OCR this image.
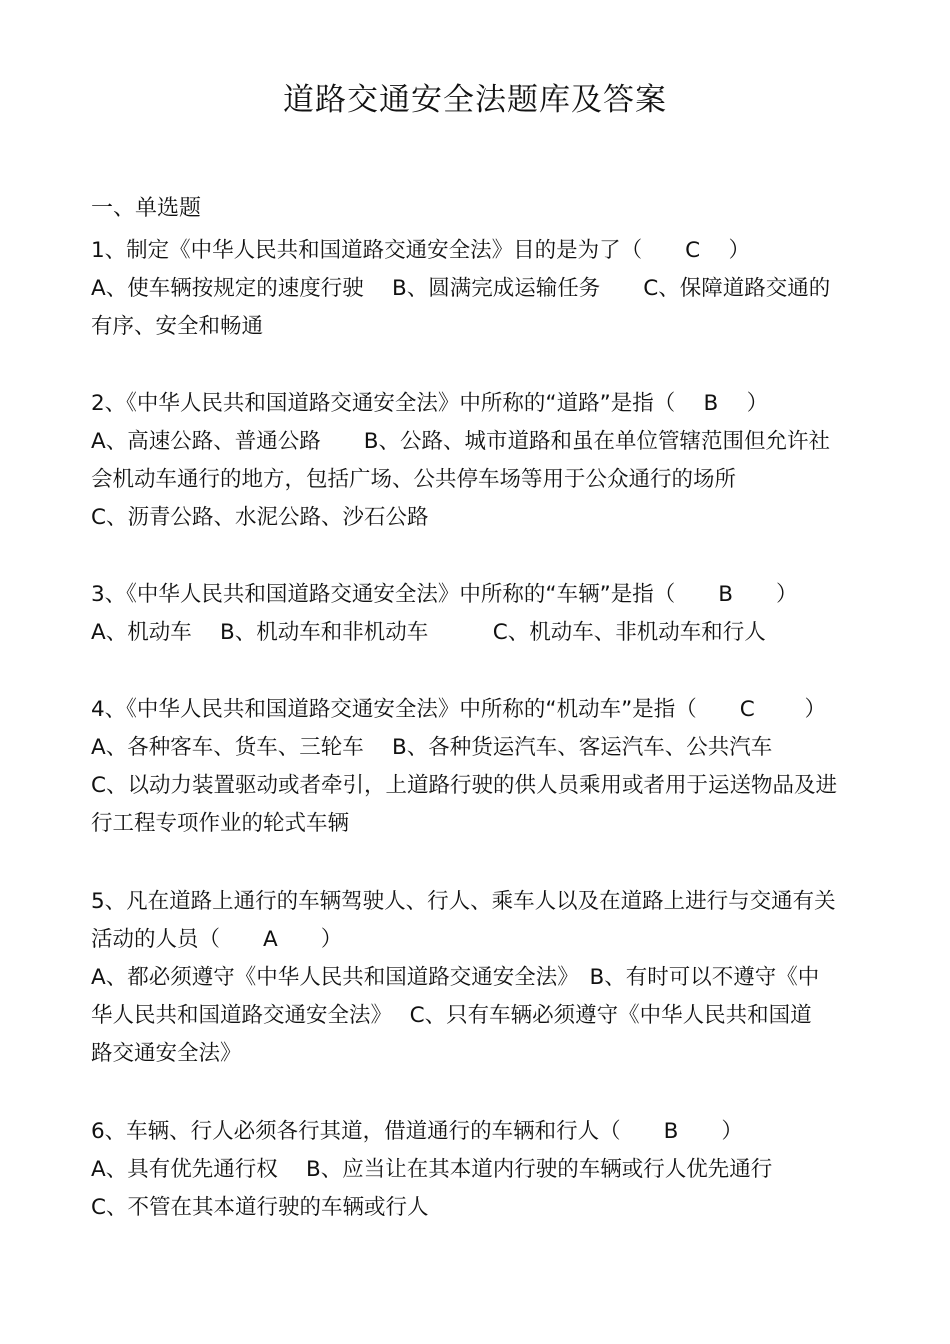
道路交通安全法题库及答案
一、单选题
1、制定《中华人民共和国道路交通安全法》目的是为了（　　C　 ）
A、使车辆按规定的速度行驶　 B、圆满完成运输任务　　C、保障道路交通的
有序、安全和畅通
2、《中华人民共和国道路交通安全法》中所称的“道路”是指（　 B　 ）
A、高速公路、普通公路　　B、公路、城市道路和虽在单位管辖范围但允许社
会机动车通行的地方，包括广场、公共停车场等用于公众通行的场所
C、沥青公路、水泥公路、沙石公路
3、《中华人民共和国道路交通安全法》中所称的“车辆”是指（　　B　　）
A、机动车　 B、机动车和非机动车　　　C、机动车、非机动车和行人
4、《中华人民共和国道路交通安全法》中所称的“机动车”是指（　　C　　 ）
A、各种客车、货车、三轮车　 B、各种货运汽车、客运汽车、公共汽车
C、以动力装置驱动或者牵引，上道路行驶的供人员乘用或者用于运送物品及进
行工程专项作业的轮式车辆
5、凡在道路上通行的车辆驾驶人、行人、乘车人以及在道路上进行与交通有关
活动的人员（　　A　　）
A、都必须遵守《中华人民共和国道路交通安全法》　B、有时可以不遵守《中
华人民共和国道路交通安全法》　 C、只有车辆必须遵守《中华人民共和国道
路交通安全法》
6、车辆、行人必须各行其道，借道通行的车辆和行人（　　B　　）
A、具有优先通行权　 B、应当让在其本道内行驶的车辆或行人优先通行
C、不管在其本道行驶的车辆或行人
